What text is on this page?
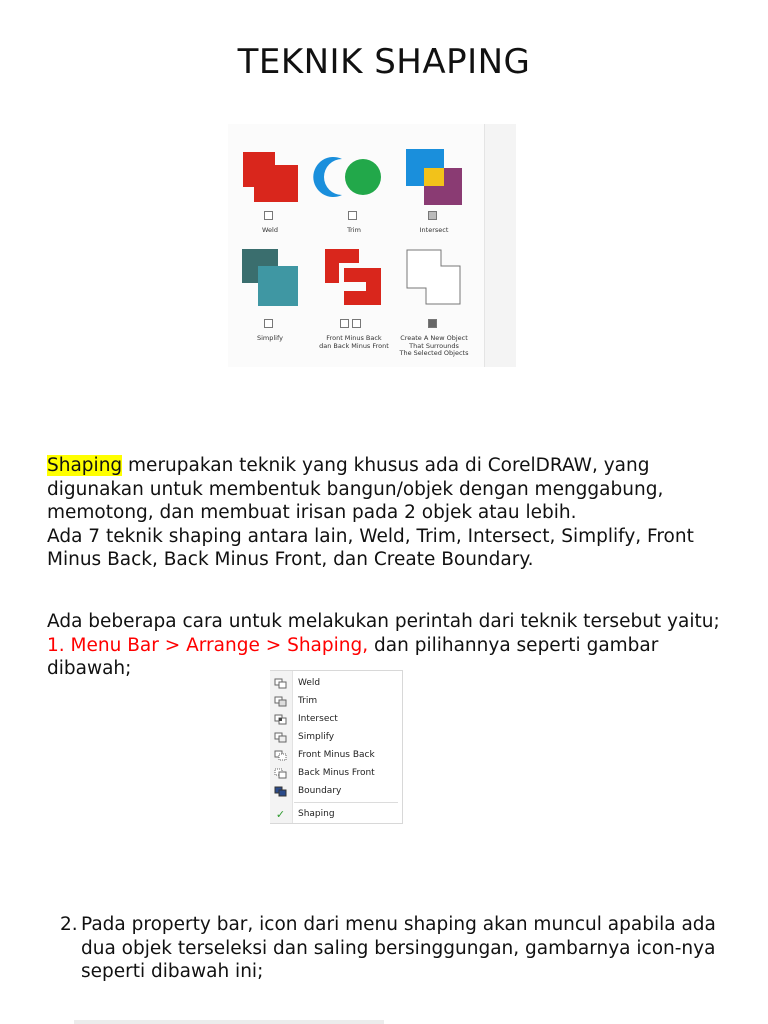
TEKNIK SHAPING
Weld	Trim	Intersect
Simplify	Front Minus Back
dan Back Minus Front
Create A New Object
That Surrounds
The Selected Objects
Shaping merupakan teknik yang khusus ada di CorelDRAW, yang
digunakan untuk membentuk bangun/objek dengan menggabung,
memotong, dan membuat irisan pada 2 objek atau lebih.
Ada 7 teknik shaping antara lain, Weld, Trim, Intersect, Simplify, Front
Minus Back, Back Minus Front, dan Create Boundary.
Ada beberapa cara untuk melakukan perintah dari teknik tersebut yaitu;
1. Menu Bar > Arrange > Shaping, dan pilihannya seperti gambar
dibawah;
Weld
Trim
Intersect
Simplify
Front Minus Back
Back Minus Front
Boundary
✓ Shaping
2. Pada property bar, icon dari menu shaping akan muncul apabila ada
dua objek terseleksi dan saling bersinggungan, gambarnya icon-nya
seperti dibawah ini;
